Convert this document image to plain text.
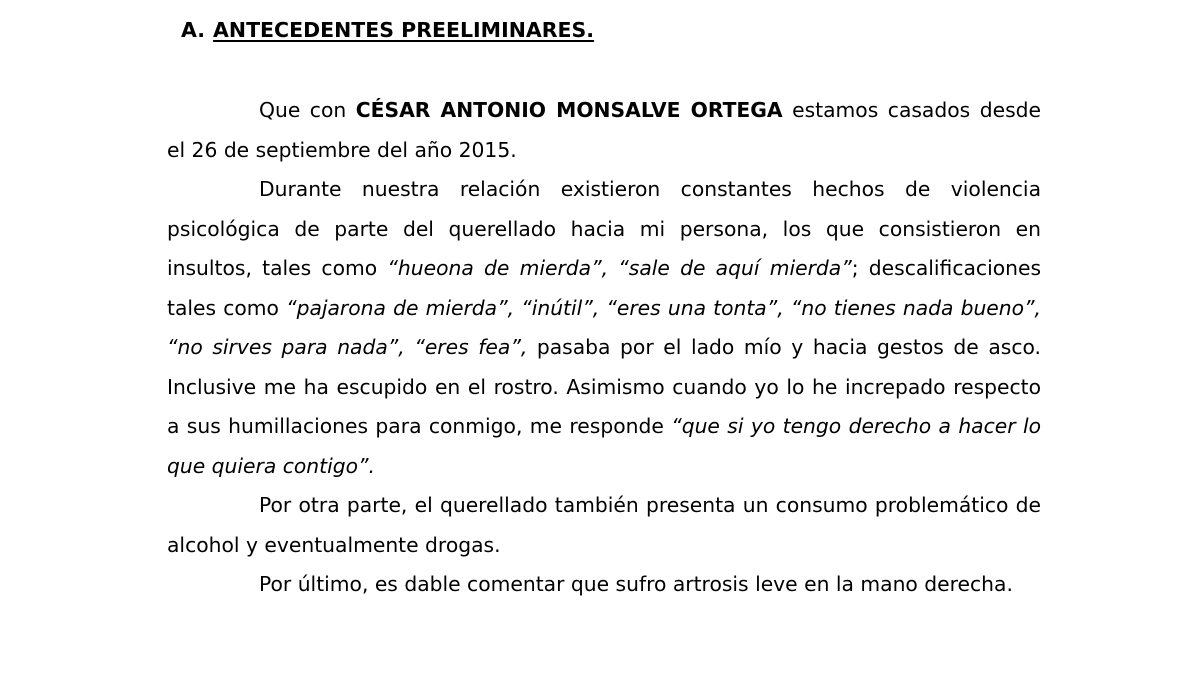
A. ANTECEDENTES PREELIMINARES.

Que con CÉSAR ANTONIO MONSALVE ORTEGA estamos casados desde el 26 de septiembre del año 2015.

Durante nuestra relación existieron constantes hechos de violencia psicológica de parte del querellado hacia mi persona, los que consistieron en insultos, tales como “hueona de mierda”, “sale de aquí mierda”; descalificaciones tales como “pajarona de mierda”, “inútil”, “eres una tonta”, “no tienes nada bueno”, “no sirves para nada”, “eres fea”, pasaba por el lado mío y hacia gestos de asco. Inclusive me ha escupido en el rostro. Asimismo cuando yo lo he increpado respecto a sus humillaciones para conmigo, me responde “que si yo tengo derecho a hacer lo que quiera contigo”.

Por otra parte, el querellado también presenta un consumo problemático de alcohol y eventualmente drogas.

Por último, es dable comentar que sufro artrosis leve en la mano derecha.
